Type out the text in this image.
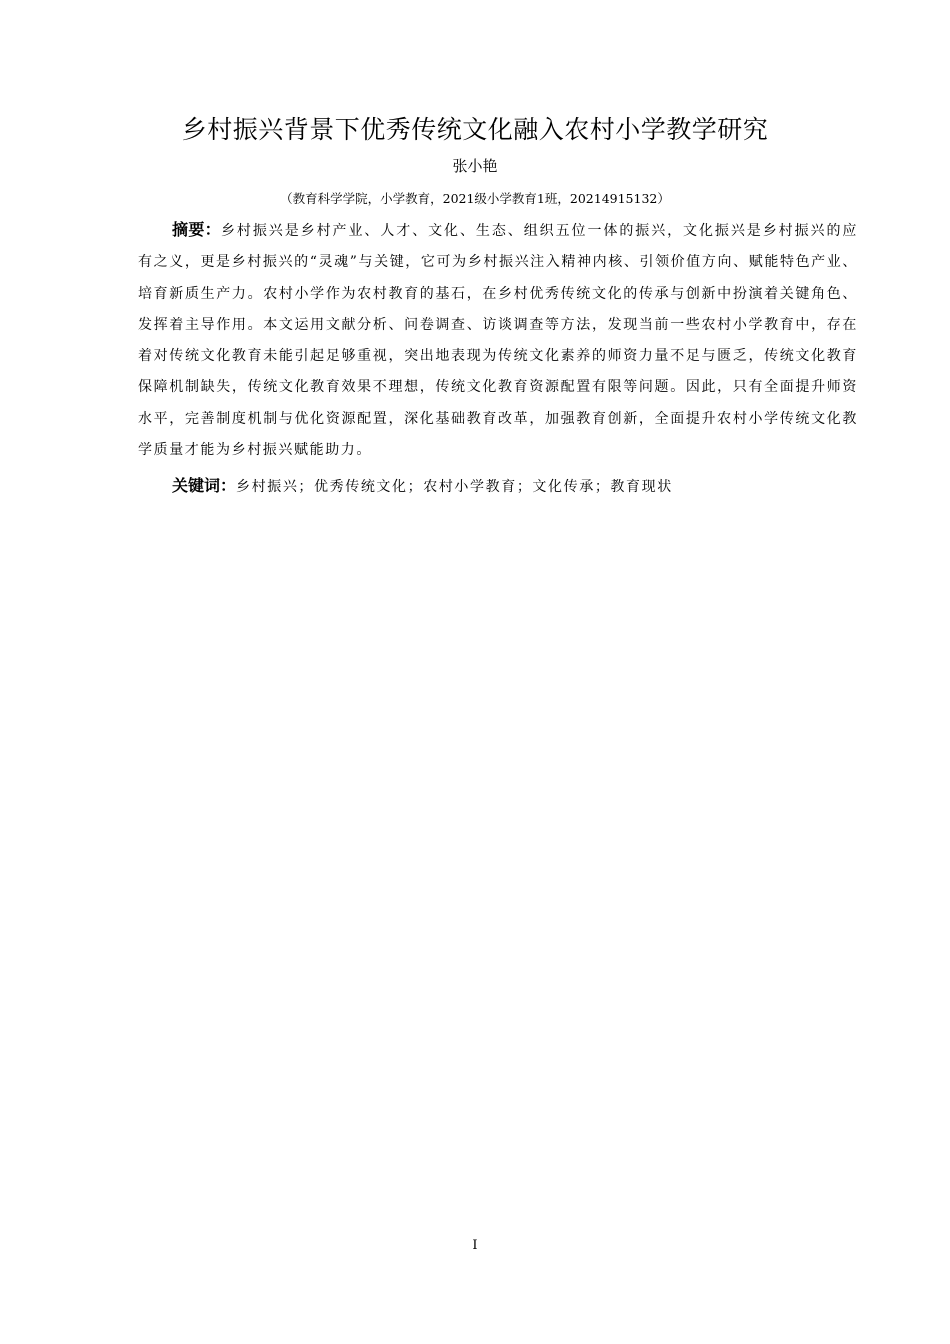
乡村振兴背景下优秀传统文化融入农村小学教学研究
张小艳
（教育科学学院，小学教育，2021级小学教育1班，20214915132）

摘要：乡村振兴是乡村产业、人才、文化、生态、组织五位一体的振兴，文化振兴是乡村振兴的应有之义，更是乡村振兴的“灵魂”与关键，它可为乡村振兴注入精神内核、引领价值方向、赋能特色产业、培育新质生产力。农村小学作为农村教育的基石，在乡村优秀传统文化的传承与创新中扮演着关键角色、发挥着主导作用。本文运用文献分析、问卷调查、访谈调查等方法，发现当前一些农村小学教育中，存在着对传统文化教育未能引起足够重视，突出地表现为传统文化素养的师资力量不足与匮乏，传统文化教育保障机制缺失，传统文化教育效果不理想，传统文化教育资源配置有限等问题。因此，只有全面提升师资水平，完善制度机制与优化资源配置，深化基础教育改革，加强教育创新，全面提升农村小学传统文化教学质量才能为乡村振兴赋能助力。

关键词：乡村振兴；优秀传统文化；农村小学教育；文化传承；教育现状
I
